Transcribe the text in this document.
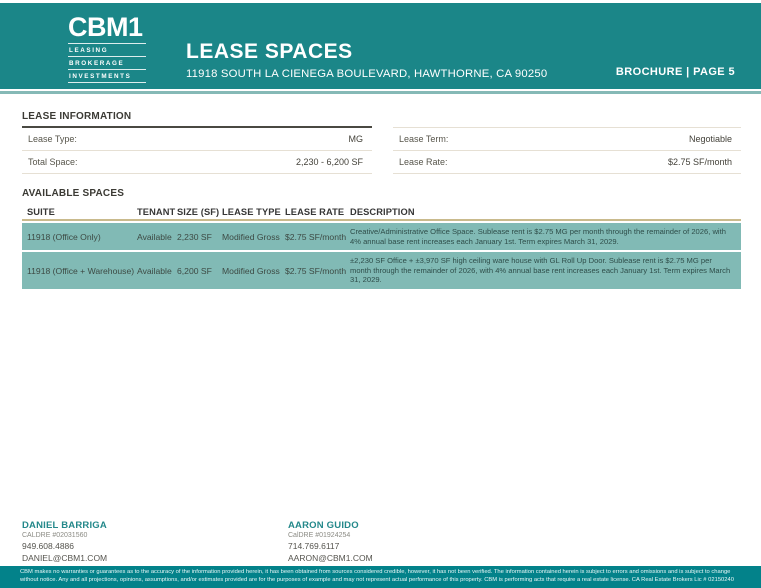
CBM1
LEASING
BROKERAGE
INVESTMENTS
LEASE SPACES
11918 SOUTH LA CIENEGA BOULEVARD, HAWTHORNE, CA 90250	BROCHURE | PAGE 5
LEASE INFORMATION
Lease Type:	MG
Total Space:	2,230 - 6,200 SF
Lease Term:	Negotiable
Lease Rate:	$2.75 SF/month
AVAILABLE SPACES
SUITE	TENANT SIZE (SF) LEASE TYPE LEASE RATE DESCRIPTION
11918 (Office Only)	Available 2,230 SF	Modified Gross $2.75 SF/month
Creative/Administrative Office Space. Sublease rent is $2.75 MG per month through the remainder of 2026, with 4% annual base rent increases each January 1st. Term expires March 31, 2029.
11918 (Office + Warehouse) Available 6,200 SF	Modified Gross $2.75 SF/month
±2,230 SF Office + ±3,970 SF high ceiling ware house with GL Roll Up Door. Sublease rent is $2.75 MG per month through the remainder of 2026, with 4% annual base rent increases each January 1st. Term expires March 31, 2029.
DANIEL BARRIGA
CALDRE #02031560
949.608.4886
DANIEL@CBM1.COM
AARON GUIDO
CalDRE #01924254
714.769.6117
AARON@CBM1.COM

CBM makes no warranties or guarantees as to the accuracy of the information provided herein, it has been obtained from sources considered credible, however, it has not been verified. The information contained herein is subject to errors and omissions and is subject to change without notice. Any and all projections, opinions, assumptions, and/or estimates provided are for the purposes of example and may not represent actual performance of this property. CBM is performing acts that require a real estate license. CA Real Estate Brokers Lic # 02150240
